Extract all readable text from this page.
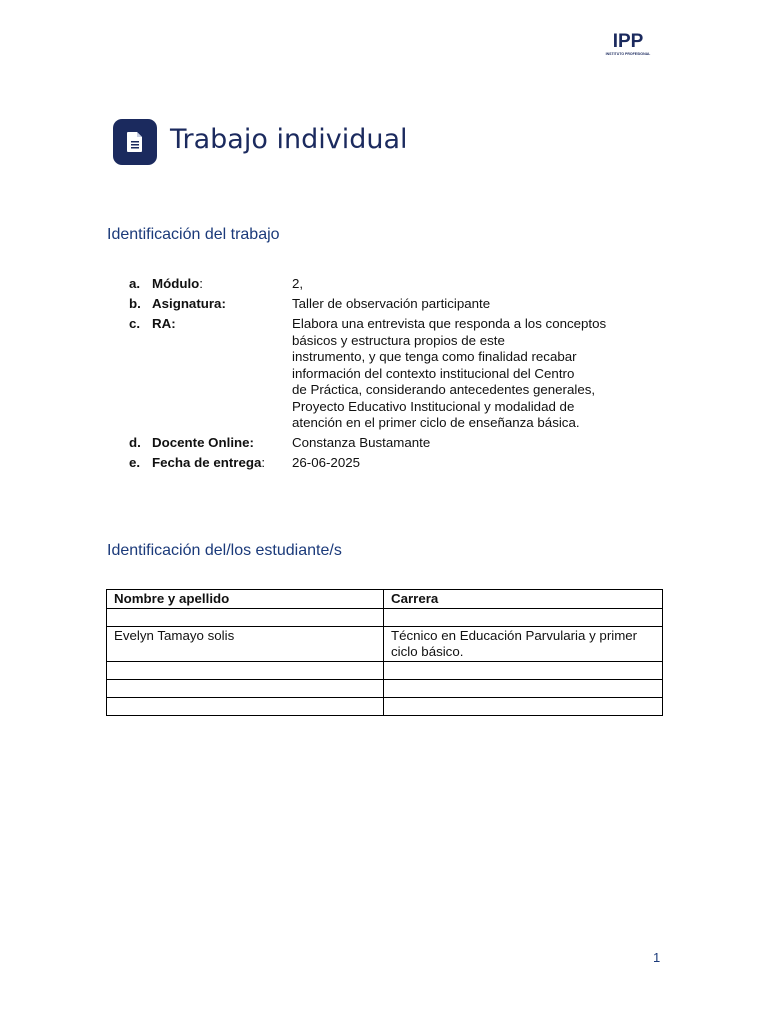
IPP
INSTITUTO PROFESIONAL
Trabajo individual
Identificación del trabajo
a. Módulo:	2,
b. Asignatura:	Taller de observación participante
c. RA:	Elabora una entrevista que responda a los conceptos
básicos y estructura propios de este
instrumento, y que tenga como finalidad recabar
información del contexto institucional del Centro
de Práctica, considerando antecedentes generales,
Proyecto Educativo Institucional y modalidad de
atención en el primer ciclo de enseñanza básica.
d. Docente Online:	Constanza Bustamante
e. Fecha de entrega:	26-06-2025
Identificación del/los estudiante/s
Nombre y apellido	Carrera

Evelyn Tamayo solis	Técnico en Educación Parvularia y primer ciclo básico.

1
